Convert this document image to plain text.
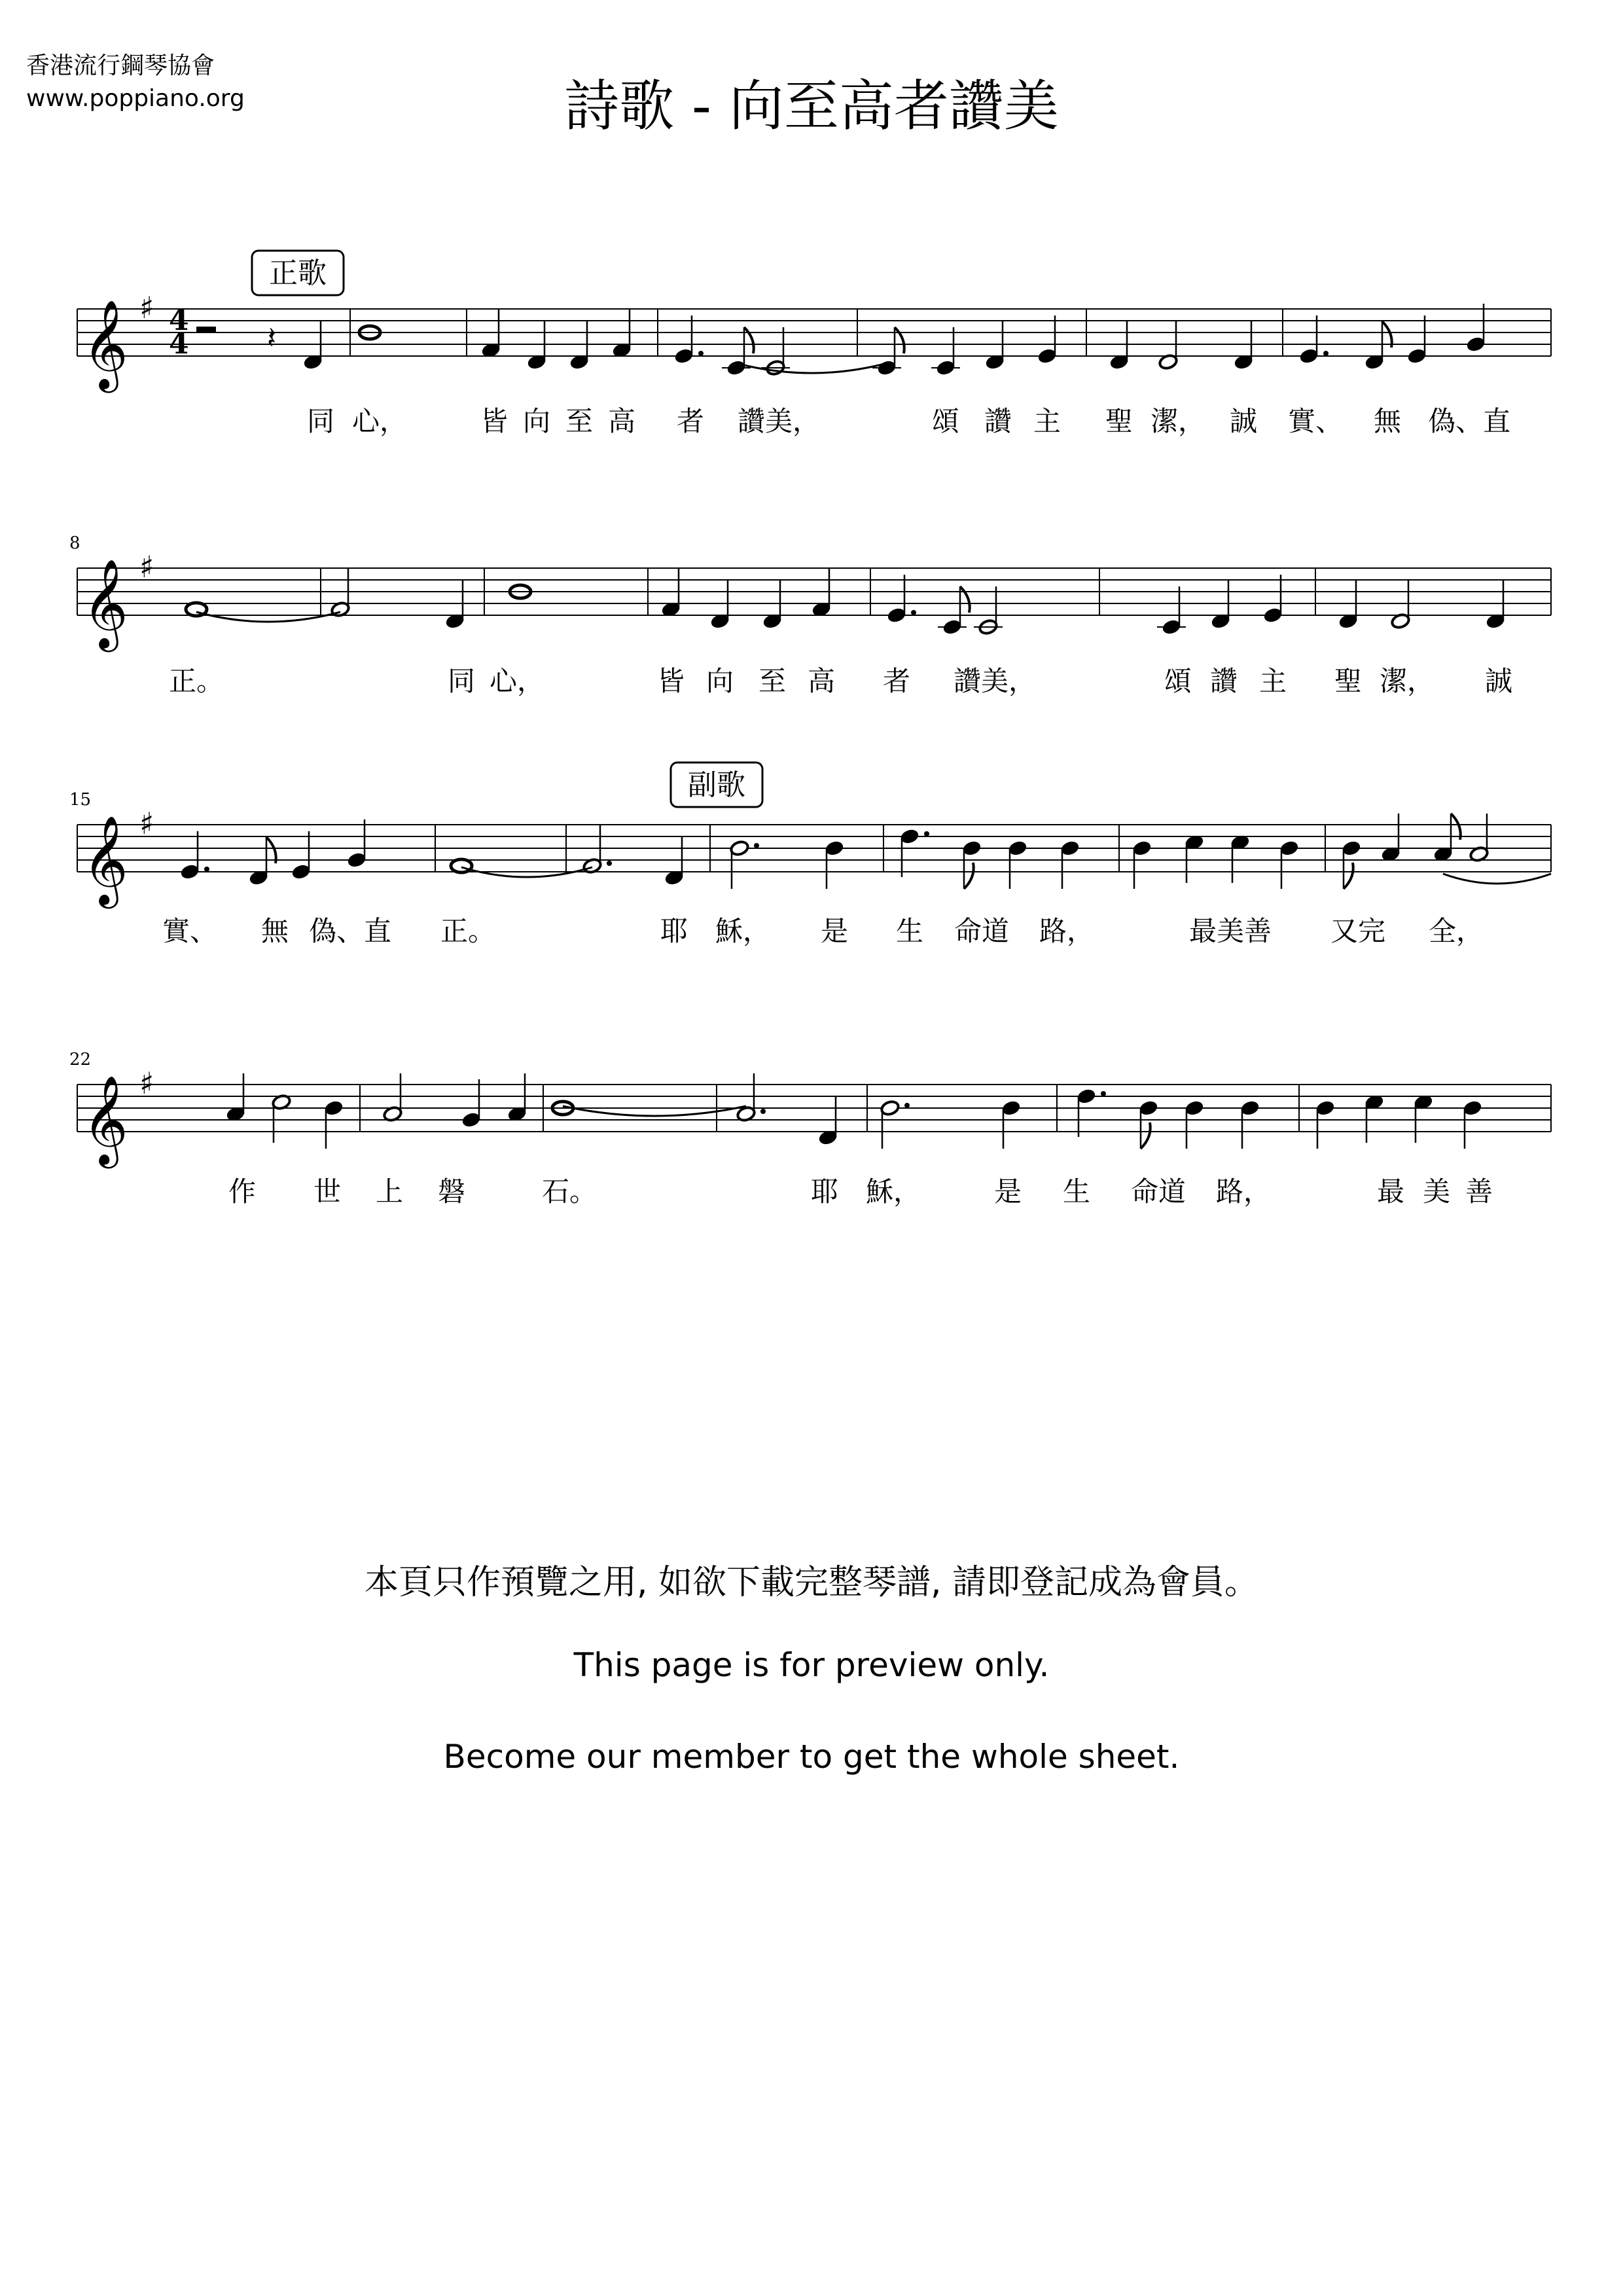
香港流行鋼琴協會
www.poppiano.org	詩歌 - 向至高者讚美
𝄞 ♯
同 心，	皆 向 至 高 者 讚美，	頌 讚 主 聖 潔， 誠 實、 無 偽、直
𝄞 ♯
8
正。	同 心，	皆 向 至 高 者 讚美，	頌 讚 主 聖 潔， 誠
𝄞 ♯
15
實、 無 偽、直 正。	耶 穌， 是 生 命道 路，	最美善 又完 全，
𝄞 ♯
22
作 世 上 磐	石。	耶 穌，	是 生 命道 路，	最 美 善
𝄽
4
4
正歌
副歌
本頁只作預覽之用, 如欲下載完整琴譜, 請即登記成為會員。
This page is for preview only.
Become our member to get the whole sheet.
